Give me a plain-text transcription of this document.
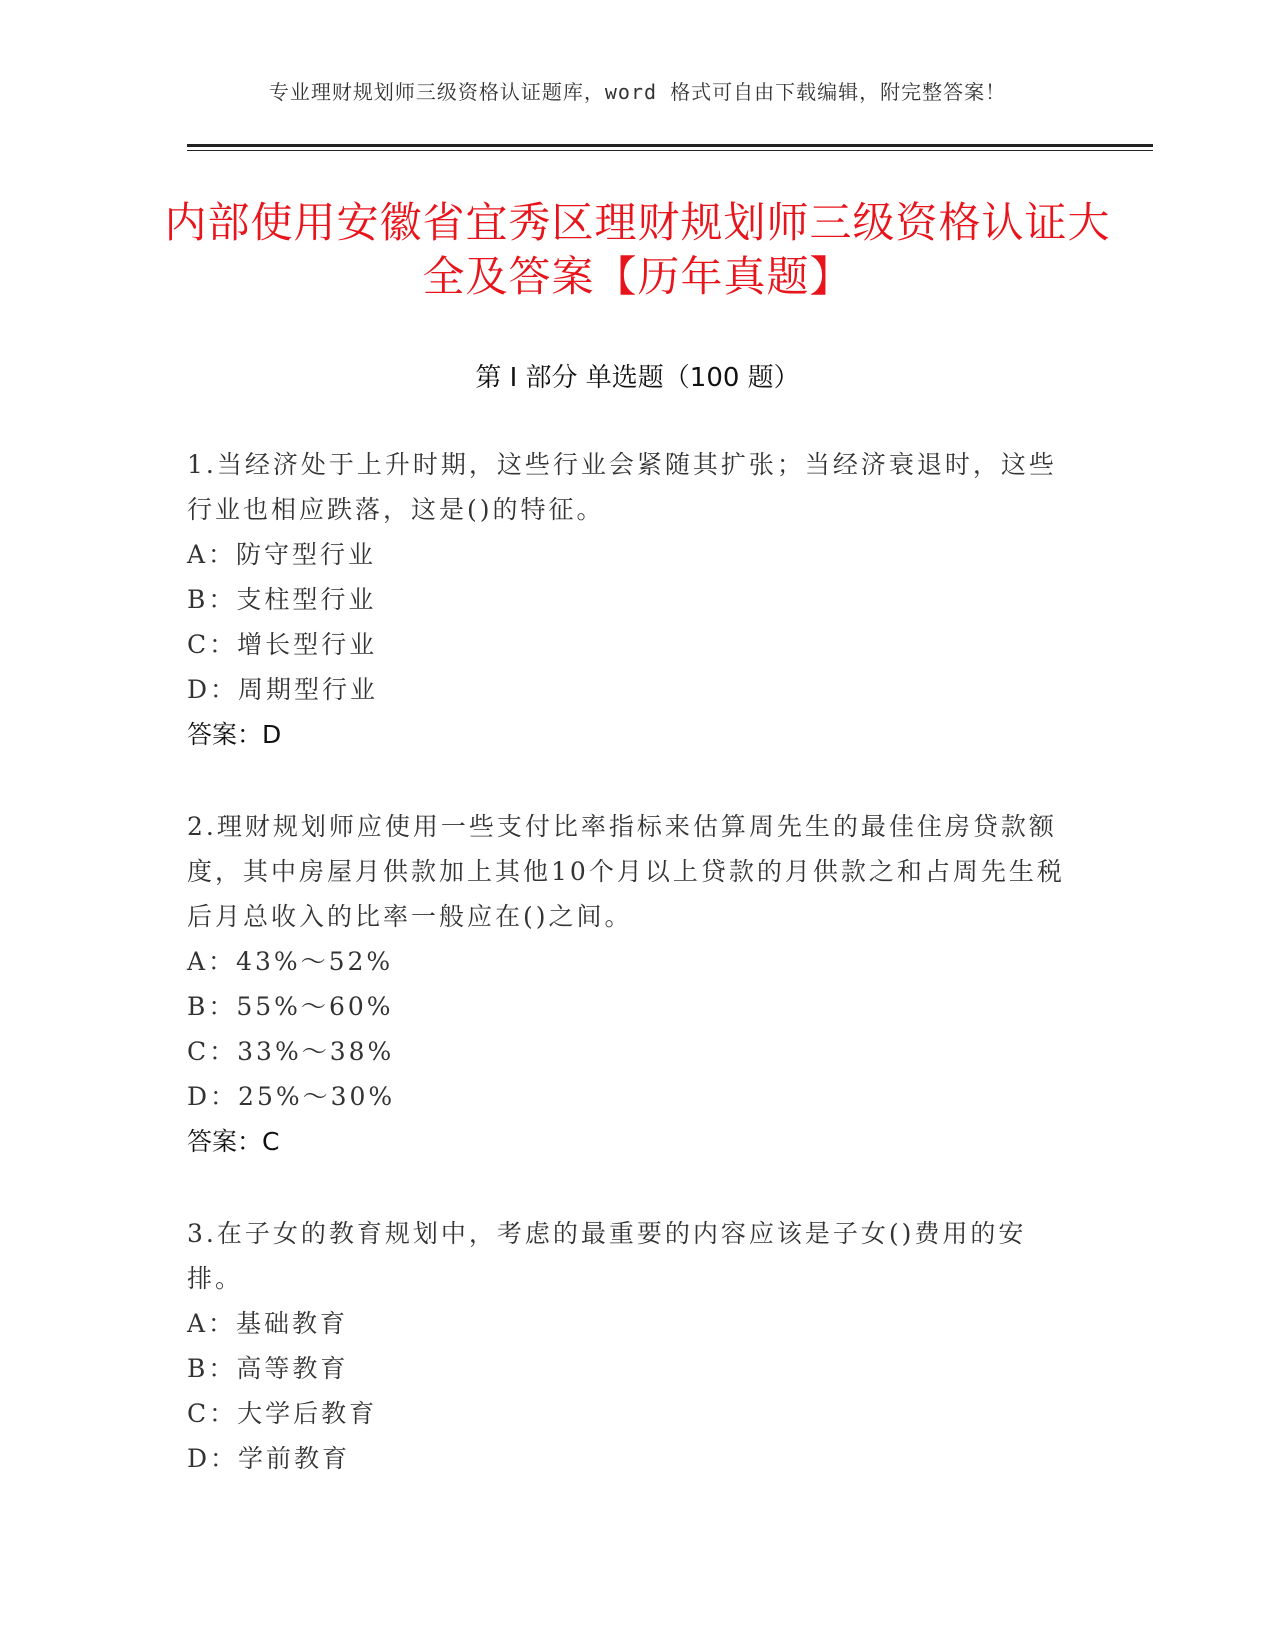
专业理财规划师三级资格认证题库，word 格式可自由下载编辑，附完整答案！
内部使用安徽省宜秀区理财规划师三级资格认证大全及答案【历年真题】
第 I 部分 单选题（100 题）

1.当经济处于上升时期，这些行业会紧随其扩张；当经济衰退时，这些行业也相应跌落，这是()的特征。

A：防守型行业

B：支柱型行业

C：增长型行业

D：周期型行业

答案：D

2.理财规划师应使用一些支付比率指标来估算周先生的最佳住房贷款额度，其中房屋月供款加上其他10个月以上贷款的月供款之和占周先生税后月总收入的比率一般应在()之间。

A：43%～52%

B：55%～60%

C：33%～38%

D：25%～30%

答案：C

3.在子女的教育规划中，考虑的最重要的内容应该是子女()费用的安排。

A：基础教育

B：高等教育

C：大学后教育

D：学前教育
